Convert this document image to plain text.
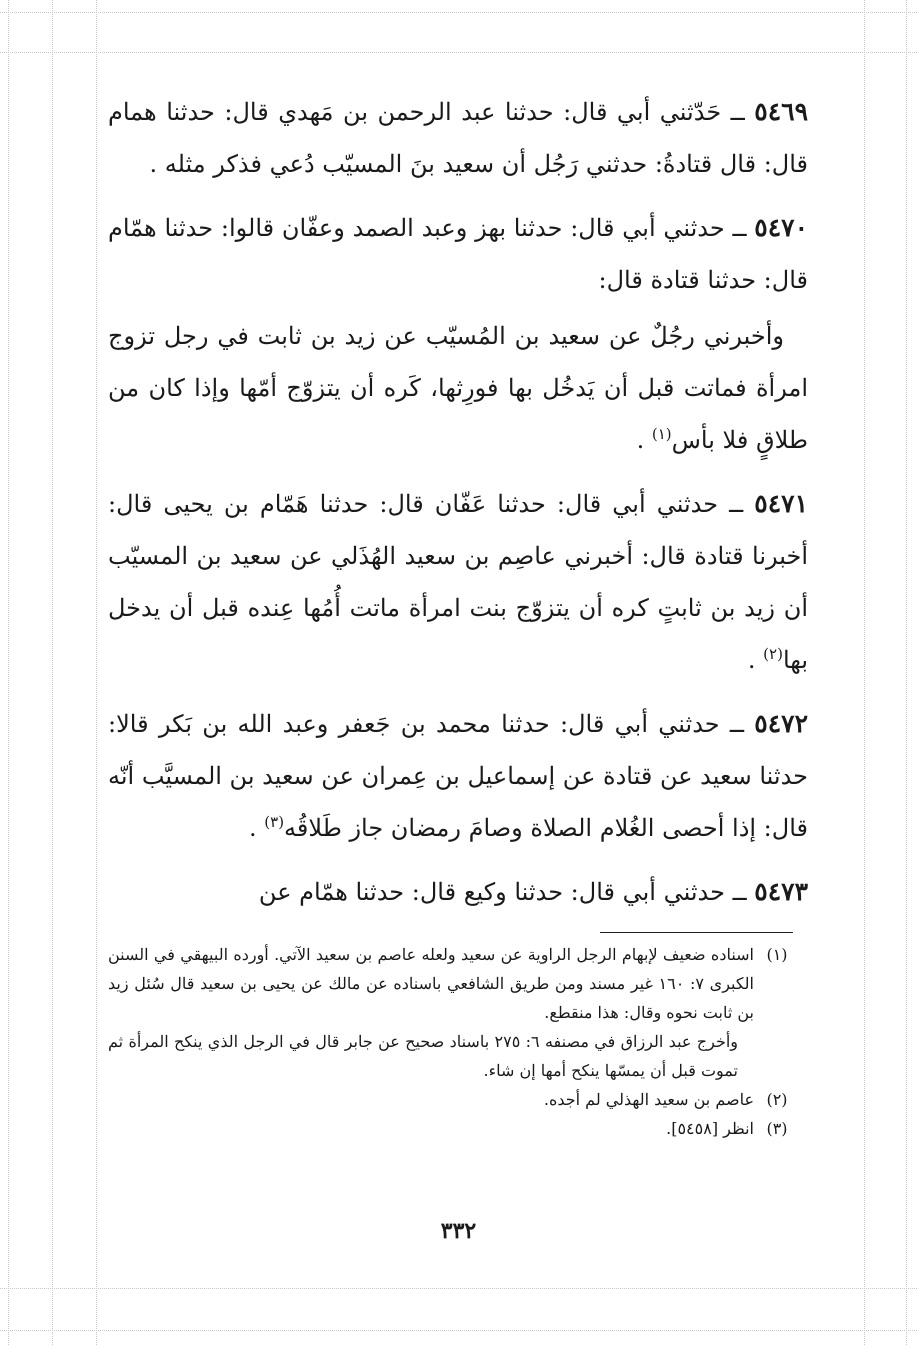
٥٤٦٩ ــ حَدّثني أبي قال: حدثنا عبد الرحمن بن مَهدي قال: حدثنا همام قال: قال قتادةُ: حدثني رَجُل أن سعيد بنَ المسيّب دُعي فذكر مثله .

٥٤٧٠ ــ حدثني أبي قال: حدثنا بهز وعبد الصمد وعفّان قالوا: حدثنا همّام قال: حدثنا قتادة قال:

وأخبرني رجُلٌ عن سعيد بن المُسيّب عن زيد بن ثابت في رجل تزوج امرأة فماتت قبل أن يَدخُل بها فورِثها، كَره أن يتزوّج أمّها وإذا كان من طلاقٍ فلا بأس$^{(١)}$ .

٥٤٧١ ــ حدثني أبي قال: حدثنا عَفّان قال: حدثنا هَمّام بن يحيى قال: أخبرنا قتادة قال: أخبرني عاصِم بن سعيد الهُذَلي عن سعيد بن المسيّب أن زيد بن ثابتٍ كره أن يتزوّج بنت امرأة ماتت أُمُها عِنده قبل أن يدخل بها$^{(٢)}$ .

٥٤٧٢ ــ حدثني أبي قال: حدثنا محمد بن جَعفر وعبد الله بن بَكر قالا: حدثنا سعيد عن قتادة عن إسماعيل بن عِمران عن سعيد بن المسيَّب أنّه قال: إذا أحصى الغُلام الصلاة وصامَ رمضان جاز طَلاقُه$^{(٣)}$ .

٥٤٧٣ ــ حدثني أبي قال: حدثنا وكيع قال: حدثنا همّام عن

(١)
اسناده ضعيف لإبهام الرجل الراوية عن سعيد ولعله عاصم بن سعيد الآتي. أورده البيهقي في السنن الكبرى ٧: ١٦٠ غير مسند ومن طريق الشافعي باسناده عن مالك عن يحيى بن سعيد قال سُئل زيد بن ثابت نحوه وقال: هذا منقطع.
وأخرج عبد الرزاق في مصنفه ٦: ٢٧٥ باسناد صحيح عن جابر قال في الرجل الذي ينكح المرأة ثم تموت قبل أن يمسّها ينكح أمها إن شاء.
(٢)
عاصم بن سعيد الهذلي لم أجده.
(٣)
انظر [٥٤٥٨].
٣٣٢
